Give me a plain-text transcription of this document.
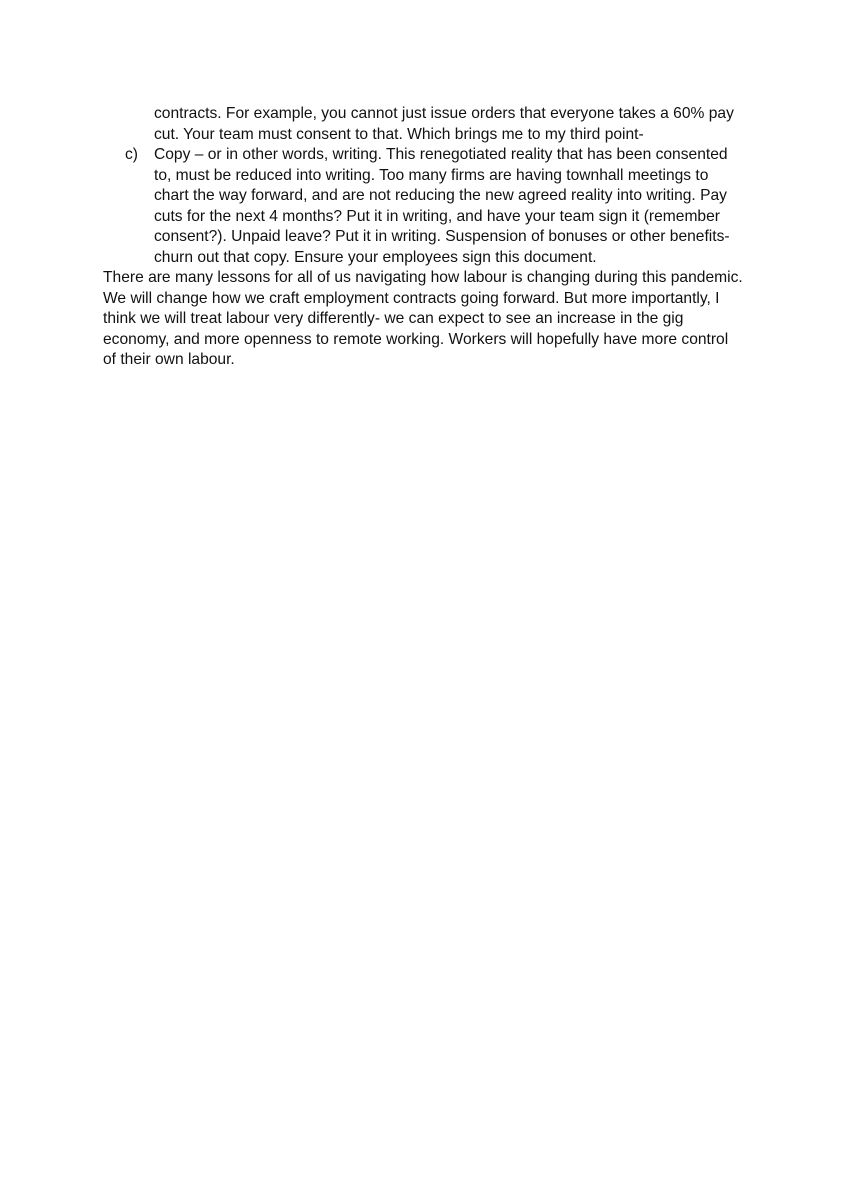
contracts. For example, you cannot just issue orders that everyone takes a 60% pay
cut. Your team must consent to that. Which brings me to my third point-
c)	Copy – or in other words, writing. This renegotiated reality that has been consented
to, must be reduced into writing. Too many firms are having townhall meetings to
chart the way forward, and are not reducing the new agreed reality into writing. Pay
cuts for the next 4 months? Put it in writing, and have your team sign it (remember
consent?). Unpaid leave? Put it in writing. Suspension of bonuses or other benefits-
churn out that copy. Ensure your employees sign this document.
There are many lessons for all of us navigating how labour is changing during this pandemic.
We will change how we craft employment contracts going forward. But more importantly, I
think we will treat labour very differently- we can expect to see an increase in the gig
economy, and more openness to remote working. Workers will hopefully have more control
of their own labour.
